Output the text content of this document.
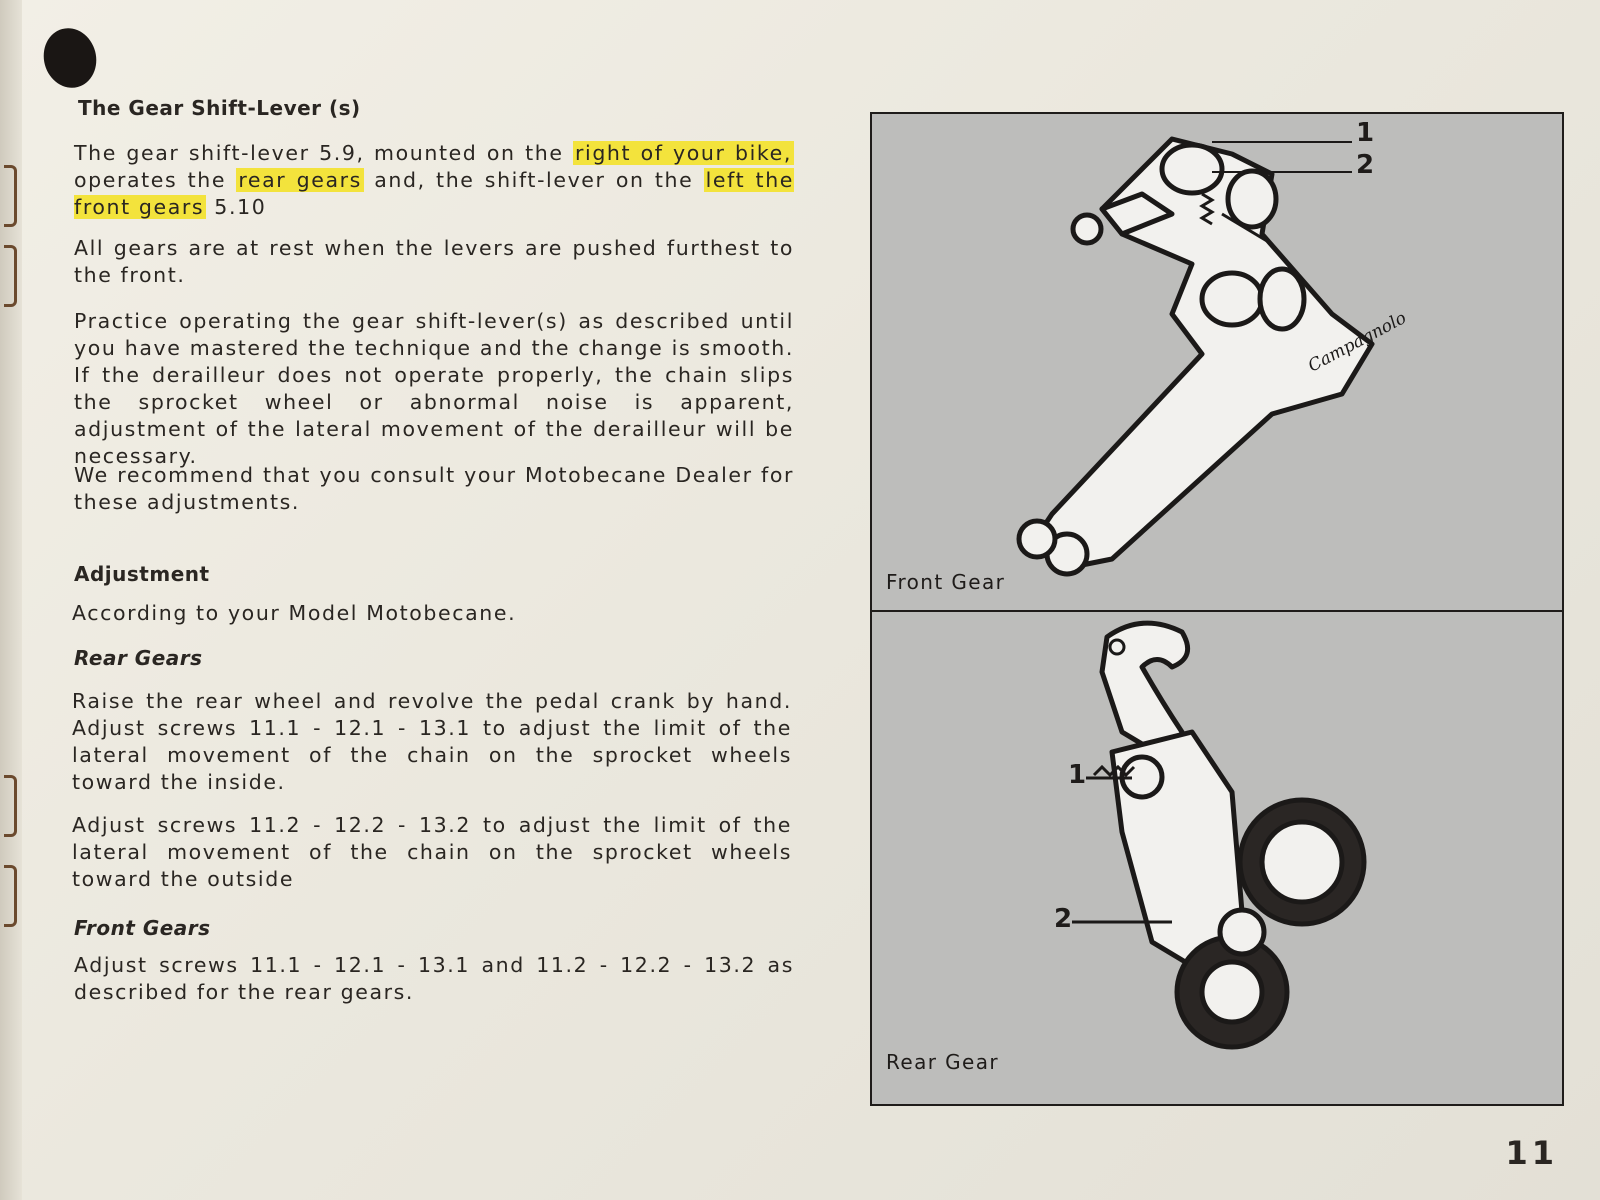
The Gear Shift-Lever (s)
The gear shift-lever 5.9, mounted on the right of your bike, operates the rear gears and, the shift-lever on the left the front gears 5.10
All gears are at rest when the levers are pushed furthest to the front.
Practice operating the gear shift-lever(s) as described until you have mastered the technique and the change is smooth. If the derailleur does not operate properly, the chain slips the sprocket wheel or abnormal noise is apparent, adjustment of the lateral movement of the derailleur will be necessary.
We recommend that you consult your Motobecane Dealer for these adjustments.
Adjustment
According to your Model Motobecane.
Rear Gears
Raise the rear wheel and revolve the pedal crank by hand. Adjust screws 11.1 - 12.1 - 13.1 to adjust the limit of the lateral movement of the chain on the sprocket wheels toward the inside.
Adjust screws 11.2 - 12.2 - 13.2 to adjust the limit of the lateral movement of the chain on the sprocket wheels toward the outside
Front Gears
Adjust screws 11.1 - 12.1 - 13.1 and 11.2 - 12.2 - 13.2 as described for the rear gears.
Campagnolo
1
2
Front Gear
1
2
Rear Gear
11
